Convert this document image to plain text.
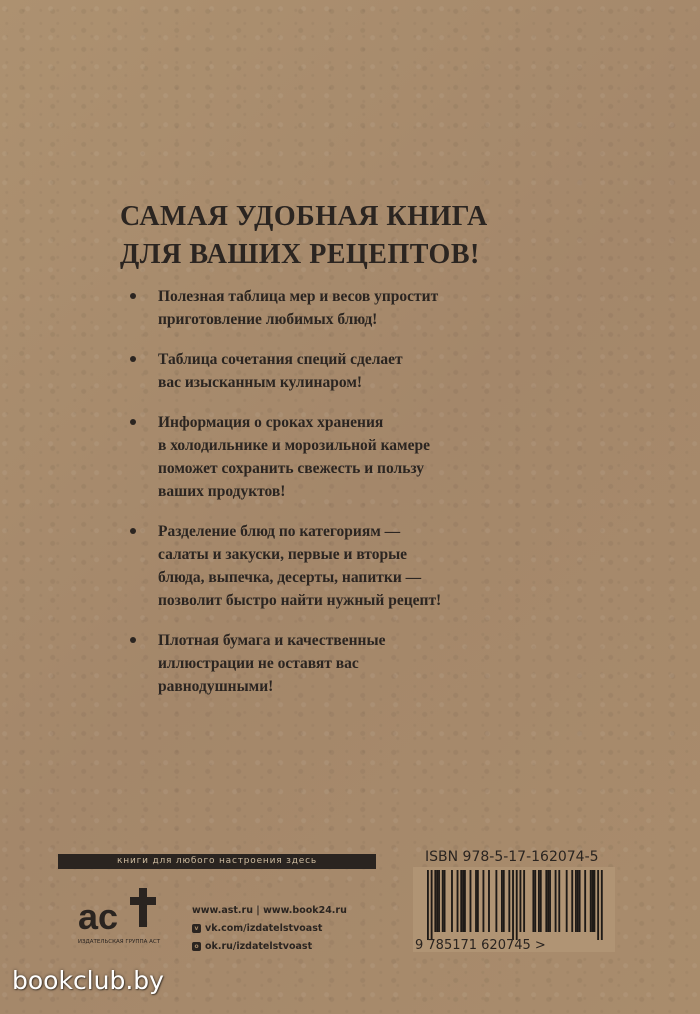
САМАЯ УДОБНАЯ КНИГА
ДЛЯ ВАШИХ РЕЦЕПТОВ!
Полезная таблица мер и весов упростит
приготовление любимых блюд!
Таблица сочетания специй сделает
вас изысканным кулинаром!
Информация о сроках хранения
в холодильнике и морозильной камере
поможет сохранить свежесть и пользу
ваших продуктов!
Разделение блюд по категориям —
салаты и закуски, первые и вторые
блюда, выпечка, десерты, напитки —
позволит быстро найти нужный рецепт!
Плотная бумага и качественные
иллюстрации не оставят вас
равнодушными!
книги для любого настроения здесь
ac
ИЗДАТЕЛЬСКАЯ ГРУППА АСТ
www.ast.ru | www.book24.ru
v vk.com/izdatelstvoast
o ok.ru/izdatelstvoast
ISBN 978-5-17-162074-5
9 785171 620745 >
bookclub.by
